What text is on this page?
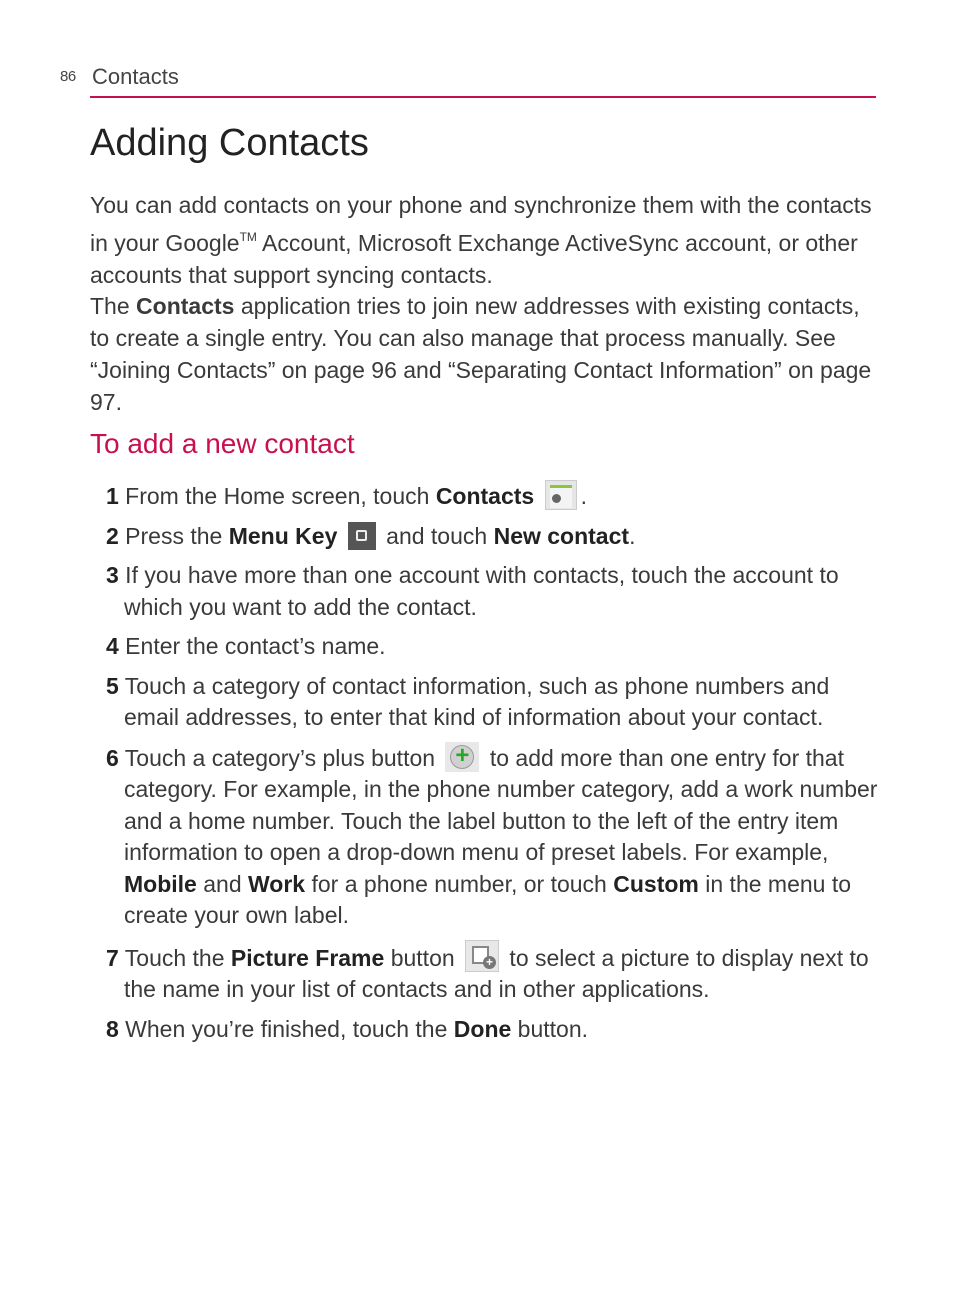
86 Contacts
Adding Contacts
You can add contacts on your phone and synchronize them with the contacts in your Google™ Account, Microsoft Exchange ActiveSync account, or other accounts that support syncing contacts.
The Contacts application tries to join new addresses with existing contacts, to create a single entry. You can also manage that process manually. See “Joining Contacts” on page 96 and “Separating Contact Information” on page 97.
To add a new contact
1 From the Home screen, touch Contacts .
2 Press the Menu Key  and touch New contact.
3 If you have more than one account with contacts, touch the account to which you want to add the contact.
4 Enter the contact’s name.
5 Touch a category of contact information, such as phone numbers and email addresses, to enter that kind of information about your contact.
6 Touch a category’s plus button + to add more than one entry for that category. For example, in the phone number category, add a work number and a home number. Touch the label button to the left of the entry item information to open a drop-down menu of preset labels. For example, Mobile and Work for a phone number, or touch Custom in the menu to create your own label.
7 Touch the Picture Frame button + to select a picture to display next to the name in your list of contacts and in other applications.
8 When you’re finished, touch the Done button.
